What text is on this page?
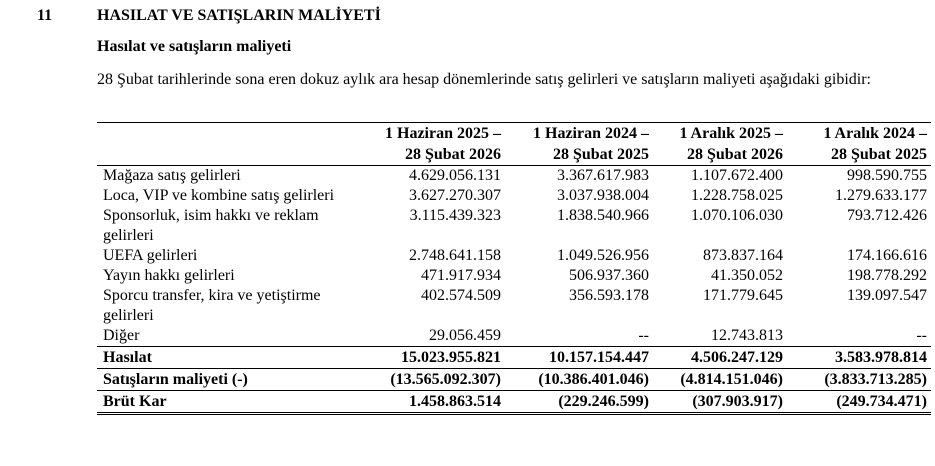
11	HASILAT VE SATIŞLARIN MALİYETİ
Hasılat ve satışların maliyeti
28 Şubat tarihlerinde sona eren dokuz aylık ara hesap dönemlerinde satış gelirleri ve satışların maliyeti aşağıdaki gibidir:
	1 Haziran 2025 –	1 Haziran 2024 –	1 Aralık 2025 –	1 Aralık 2024 –
	28 Şubat 2026	28 Şubat 2025	28 Şubat 2026	28 Şubat 2025
Mağaza satış gelirleri	4.629.056.131	3.367.617.983	1.107.672.400	998.590.755
Loca, VIP ve kombine satış gelirleri	3.627.270.307	3.037.938.004	1.228.758.025	1.279.633.177
Sponsorluk, isim hakkı ve reklam gelirleri	3.115.439.323	1.838.540.966	1.070.106.030	793.712.426
UEFA gelirleri	2.748.641.158	1.049.526.956	873.837.164	174.166.616
Yayın hakkı gelirleri	471.917.934	506.937.360	41.350.052	198.778.292
Sporcu transfer, kira ve yetiştirme gelirleri	402.574.509	356.593.178	171.779.645	139.097.547
Diğer	29.056.459	--	12.743.813	--
Hasılat	15.023.955.821	10.157.154.447	4.506.247.129	3.583.978.814
Satışların maliyeti (-)	(13.565.092.307)	(10.386.401.046)	(4.814.151.046)	(3.833.713.285)
Brüt Kar	1.458.863.514	(229.246.599)	(307.903.917)	(249.734.471)
